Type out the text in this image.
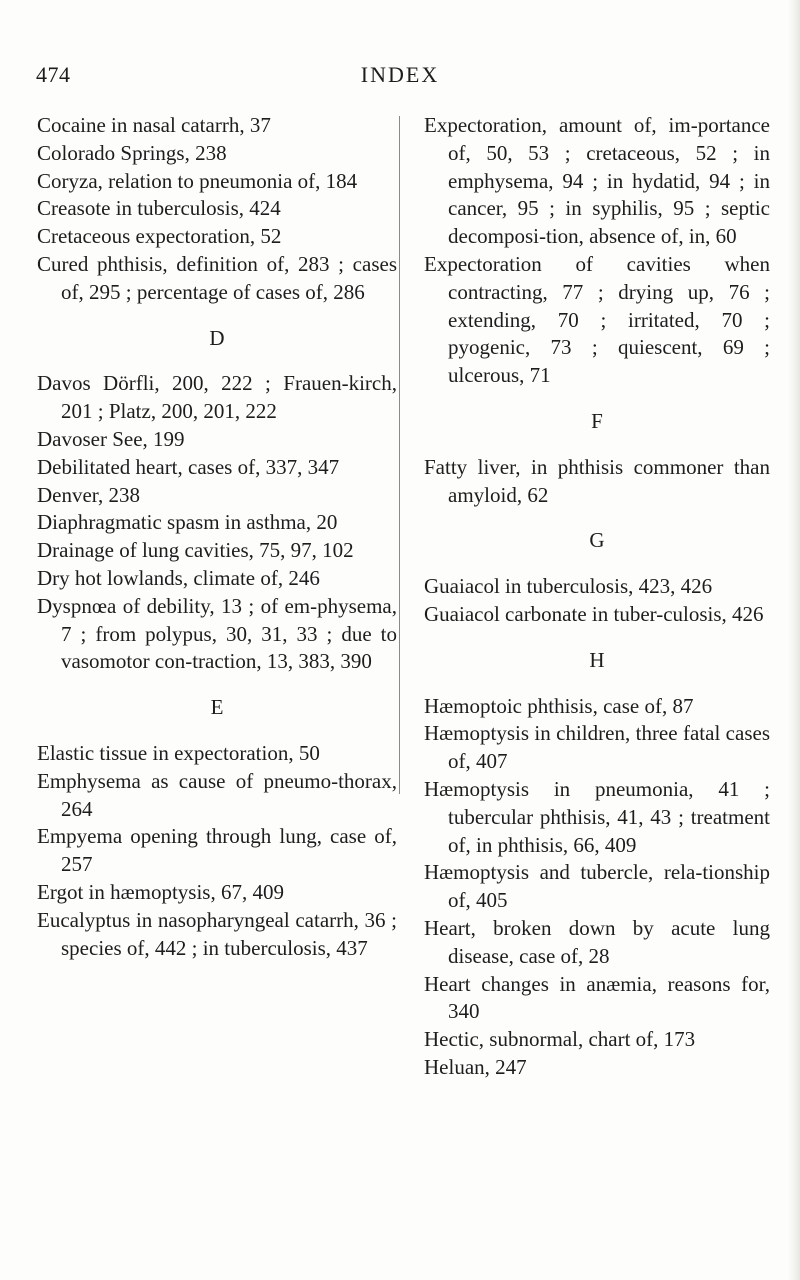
474	INDEX

Cocaine in nasal catarrh, 37

Colorado Springs, 238

Coryza, relation to pneumonia of, 184

Creasote in tuberculosis, 424

Cretaceous expectoration, 52

Cured phthisis, definition of, 283 ; cases of, 295 ; percentage of cases of, 286

D

Davos Dörfli, 200, 222 ; Frauen-kirch, 201 ; Platz, 200, 201, 222

Davoser See, 199

Debilitated heart, cases of, 337, 347

Denver, 238

Diaphragmatic spasm in asthma, 20

Drainage of lung cavities, 75, 97, 102

Dry hot lowlands, climate of, 246

Dyspnœa of debility, 13 ; of em-physema, 7 ; from polypus, 30, 31, 33 ; due to vasomotor con-traction, 13, 383, 390

E

Elastic tissue in expectoration, 50

Emphysema as cause of pneumo-thorax, 264

Empyema opening through lung, case of, 257

Ergot in hæmoptysis, 67, 409

Eucalyptus in nasopharyngeal catarrh, 36 ; species of, 442 ; in tuberculosis, 437

Expectoration, amount of, im-portance of, 50, 53 ; cretaceous, 52 ; in emphysema, 94 ; in hydatid, 94 ; in cancer, 95 ; in syphilis, 95 ; septic decomposi-tion, absence of, in, 60

Expectoration of cavities when contracting, 77 ; drying up, 76 ; extending, 70 ; irritated, 70 ; pyogenic, 73 ; quiescent, 69 ; ulcerous, 71

F

Fatty liver, in phthisis commoner than amyloid, 62

G

Guaiacol in tuberculosis, 423, 426

Guaiacol carbonate in tuber-culosis, 426

H

Hæmoptoic phthisis, case of, 87

Hæmoptysis in children, three fatal cases of, 407

Hæmoptysis in pneumonia, 41 ; tubercular phthisis, 41, 43 ; treatment of, in phthisis, 66, 409

Hæmoptysis and tubercle, rela-tionship of, 405

Heart, broken down by acute lung disease, case of, 28

Heart changes in anæmia, reasons for, 340

Hectic, subnormal, chart of, 173

Heluan, 247
